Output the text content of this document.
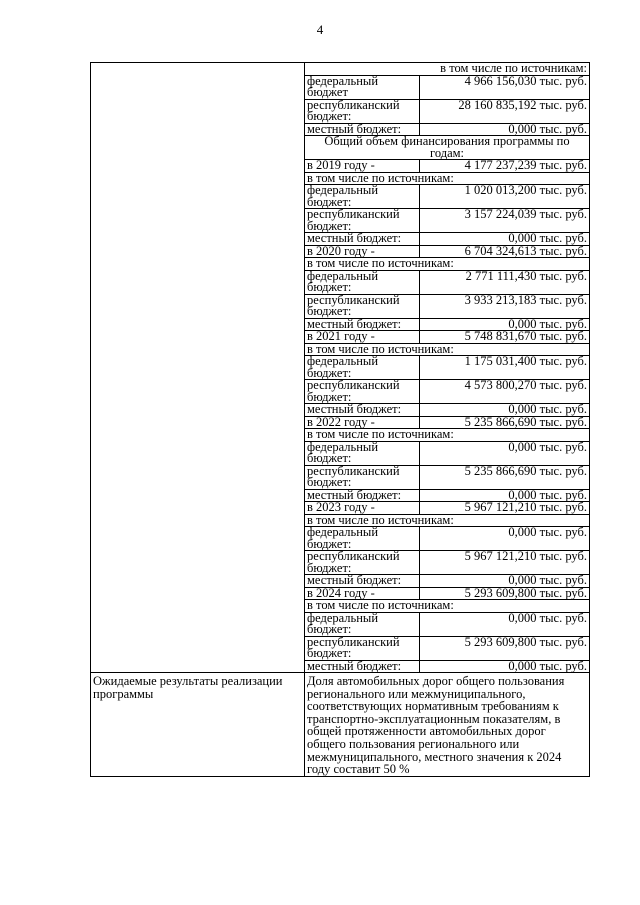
4
	в том числе по источникам:	
	федеральный бюджет	4 966 156,030 тыс. руб.
	республиканский бюджет:	28 160 835,192 тыс. руб.
	местный бюджет:	0,000 тыс. руб.
	Общий объем финансирования программы по годам:	
	в 2019 году -	4 177 237,239 тыс. руб.
	в том числе по источникам:	
	федеральный бюджет:	1 020 013,200 тыс. руб.
	республиканский бюджет:	3 157 224,039 тыс. руб.
	местный бюджет:	0,000 тыс. руб.
	в 2020 году -	6 704 324,613 тыс. руб.
	в том числе по источникам:	
	федеральный бюджет:	2 771 111,430 тыс. руб.
	республиканский бюджет:	3 933 213,183 тыс. руб.
	местный бюджет:	0,000 тыс. руб.
	в 2021 году -	5 748 831,670 тыс. руб.
	в том числе по источникам:	
	федеральный бюджет:	1 175 031,400 тыс. руб.
	республиканский бюджет:	4 573 800,270 тыс. руб.
	местный бюджет:	0,000 тыс. руб.
	в 2022 году -	5 235 866,690 тыс. руб.
	в том числе по источникам:	
	федеральный бюджет:	0,000 тыс. руб.
	республиканский бюджет:	5 235 866,690 тыс. руб.
	местный бюджет:	0,000 тыс. руб.
	в 2023 году -	5 967 121,210 тыс. руб.
	в том числе по источникам:	
	федеральный бюджет:	0,000 тыс. руб.
	республиканский бюджет:	5 967 121,210 тыс. руб.
	местный бюджет:	0,000 тыс. руб.
	в 2024 году -	5 293 609,800 тыс. руб.
	в том числе по источникам:	
	федеральный бюджет:	0,000 тыс. руб.
	республиканский бюджет:	5 293 609,800 тыс. руб.
	местный бюджет:	0,000 тыс. руб.
Ожидаемые результаты реализации программы	Доля автомобильных дорог общего пользования регионального или межмуниципального, соответствующих нормативным требованиям к транспортно-эксплуатационным показателям, в общей протяженности автомобильных дорог общего пользования регионального или межмуниципального, местного значения к 2024 году составит 50 %	
